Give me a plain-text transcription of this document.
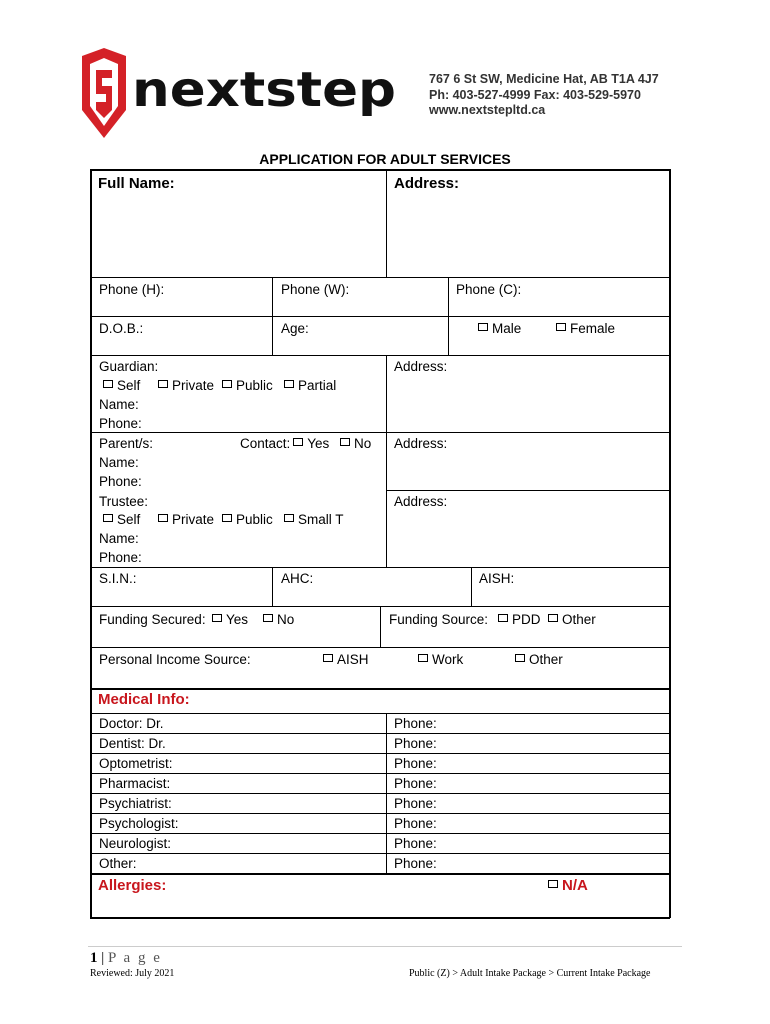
nextstep	767 6 St SW, Medicine Hat, AB T1A 4J7
Ph: 403-527-4999 Fax: 403-529-5970
www.nextstepltd.ca
APPLICATION FOR ADULT SERVICES
Full Name:	Address:
Phone (H):	Phone (W):	Phone (C):
D.O.B.:	Age:	Male	Female
Guardian:
Self	Private	Public	Partial
Name:
Phone:
Address:
Parent/s:	Contact: Yes	No
Name:
Phone:
Address:
Trustee:
Self	Private	Public	Small T
Name:
Phone:
Address:
S.I.N.:	AHC:	AISH:
Funding Secured:	Yes	No	Funding Source:	PDD	Other
Personal Income Source:	AISH	Work	Other
Medical Info:
Doctor: Dr.	Phone:
Dentist: Dr.	Phone:
Optometrist:	Phone:
Pharmacist:	Phone:
Psychiatrist:	Phone:
Psychologist:	Phone:
Neurologist:	Phone:
Other:	Phone:
Allergies:	N/A
1 | P a g e
Reviewed: July 2021	Public (Z) > Adult Intake Package > Current Intake Package
